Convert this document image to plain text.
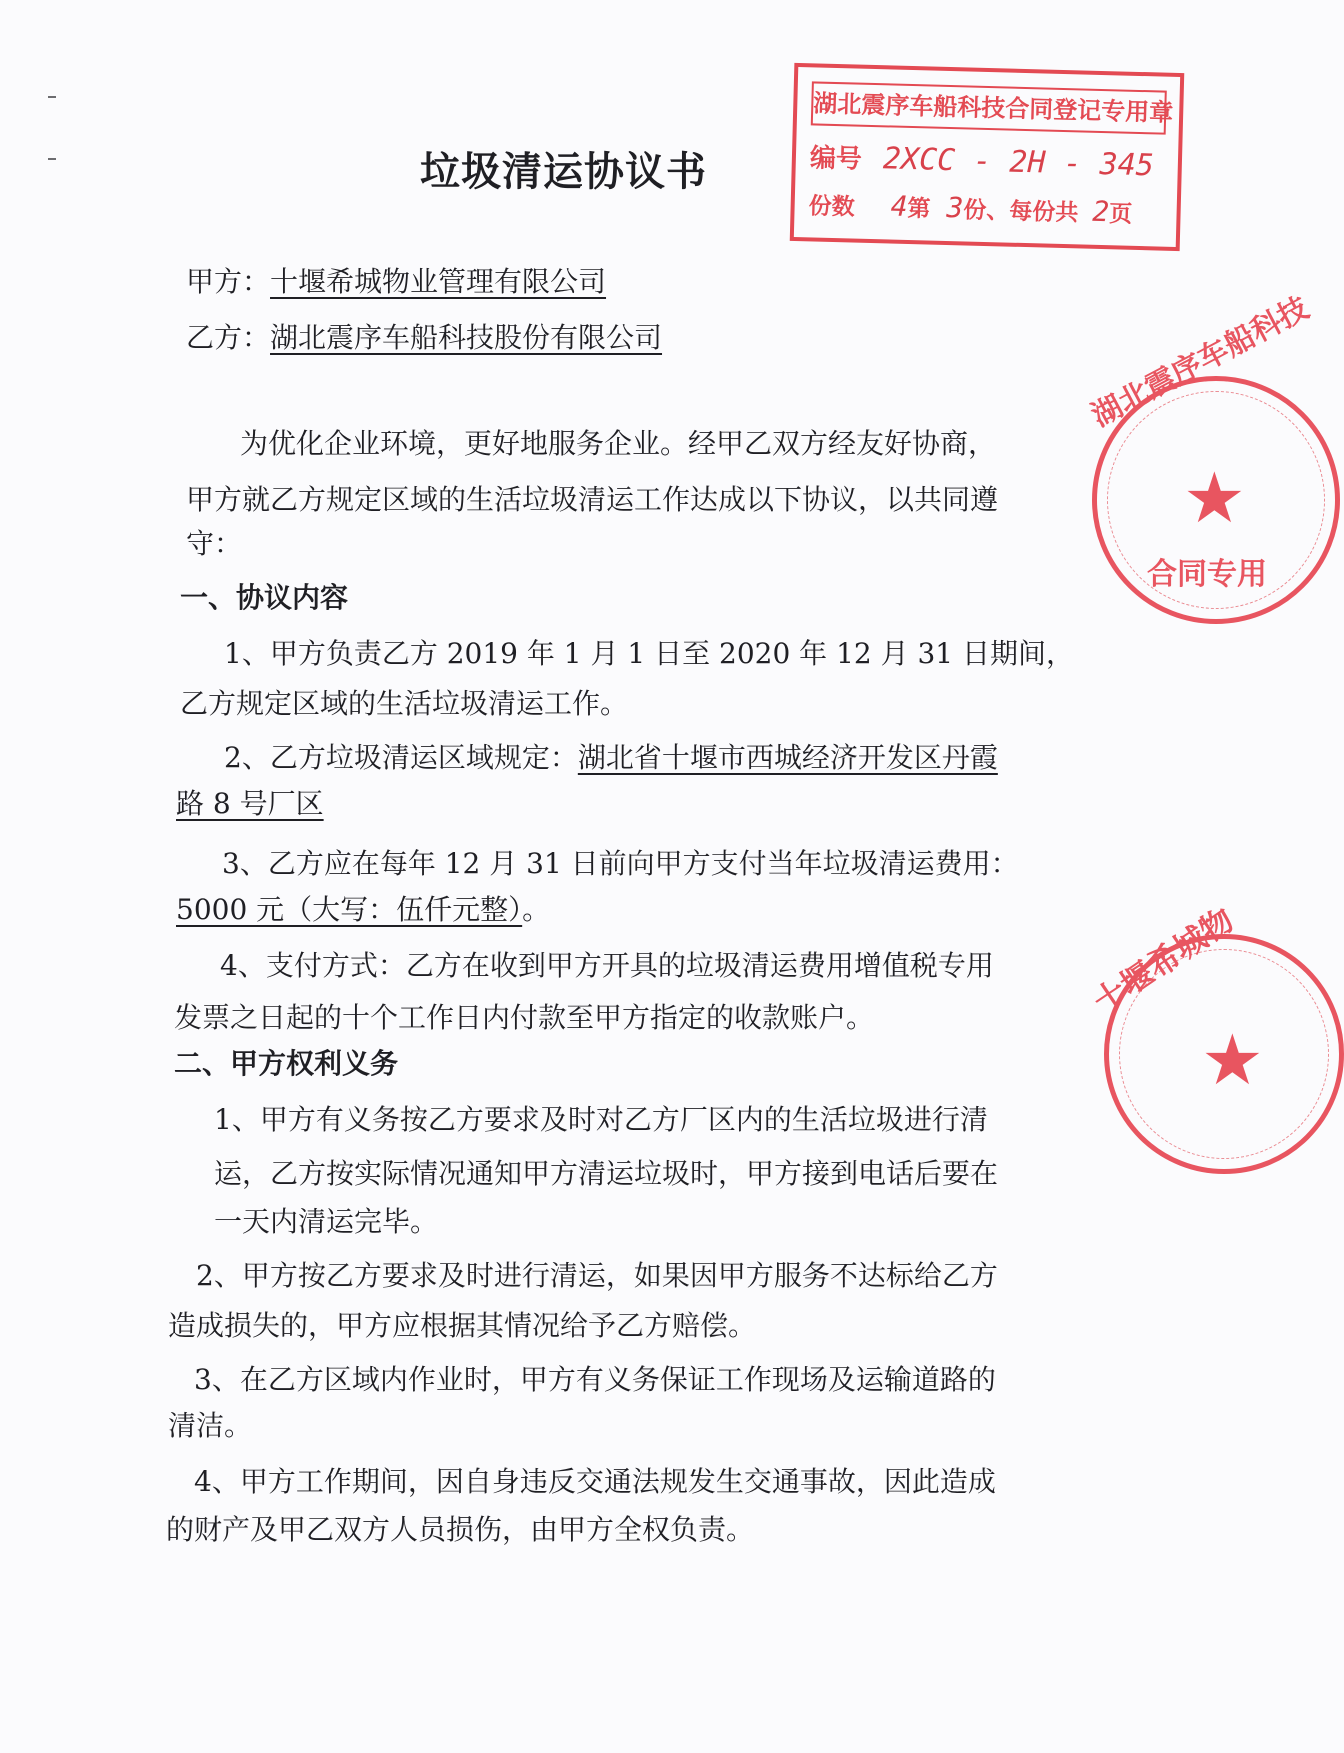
垃圾清运协议书
甲方：十堰希城物业管理有限公司
乙方：湖北震序车船科技股份有限公司
为优化企业环境，更好地服务企业。经甲乙双方经友好协商，
甲方就乙方规定区域的生活垃圾清运工作达成以下协议，以共同遵
守：
一、协议内容
1、甲方负责乙方 2019 年 1 月 1 日至 2020 年 12 月 31 日期间，
乙方规定区域的生活垃圾清运工作。
2、乙方垃圾清运区域规定：湖北省十堰市西城经济开发区丹霞
路 8 号厂区
3、乙方应在每年 12 月 31 日前向甲方支付当年垃圾清运费用：
5000 元（大写：伍仟元整）。
4、支付方式：乙方在收到甲方开具的垃圾清运费用增值税专用
发票之日起的十个工作日内付款至甲方指定的收款账户。
二、甲方权利义务
1、甲方有义务按乙方要求及时对乙方厂区内的生活垃圾进行清
运，乙方按实际情况通知甲方清运垃圾时，甲方接到电话后要在
一天内清运完毕。
2、甲方按乙方要求及时进行清运，如果因甲方服务不达标给乙方
造成损失的，甲方应根据其情况给予乙方赔偿。
3、在乙方区域内作业时，甲方有义务保证工作现场及运输道路的
清洁。
4、甲方工作期间，因自身违反交通法规发生交通事故，因此造成
的财产及甲乙双方人员损伤，由甲方全权负责。
湖北震序车船科技合同登记专用章
编号 2XCC - 2H - 345
份数 4第 3份、每份共 2页
★
湖北震序车船科技
合同专用
★
十堰希城物
